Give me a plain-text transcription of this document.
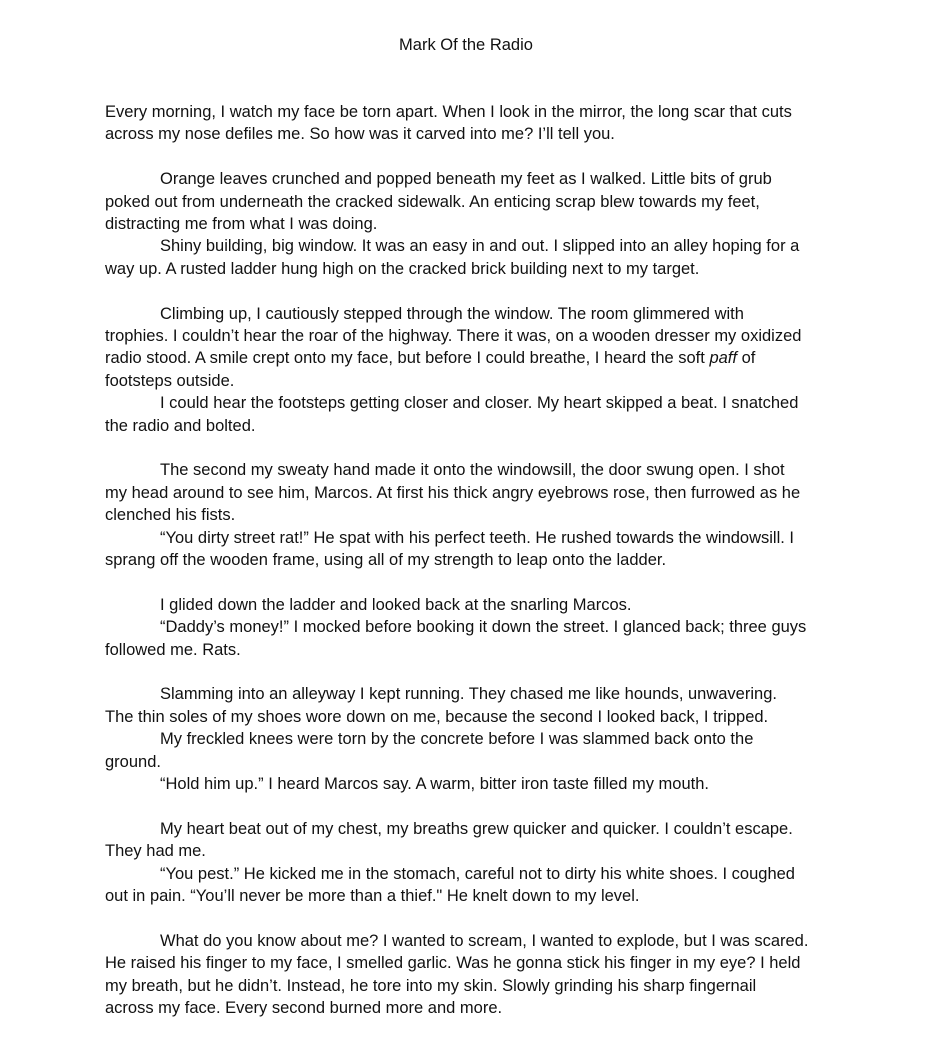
Mark Of the Radio

Every morning, I watch my face be torn apart. When I look in the mirror, the long scar that cuts

across my nose defiles me. So how was it carved into me? I’ll tell you.

Orange leaves crunched and popped beneath my feet as I walked. Little bits of grub

poked out from underneath the cracked sidewalk. An enticing scrap blew towards my feet,

distracting me from what I was doing.

Shiny building, big window. It was an easy in and out. I slipped into an alley hoping for a

way up. A rusted ladder hung high on the cracked brick building next to my target.

Climbing up, I cautiously stepped through the window. The room glimmered with

trophies. I couldn’t hear the roar of the highway. There it was, on a wooden dresser my oxidized

radio stood. A smile crept onto my face, but before I could breathe, I heard the soft paff of

footsteps outside.

I could hear the footsteps getting closer and closer. My heart skipped a beat. I snatched

the radio and bolted.

The second my sweaty hand made it onto the windowsill, the door swung open. I shot

my head around to see him, Marcos. At first his thick angry eyebrows rose, then furrowed as he

clenched his fists.

“You dirty street rat!” He spat with his perfect teeth. He rushed towards the windowsill. I

sprang off the wooden frame, using all of my strength to leap onto the ladder.

I glided down the ladder and looked back at the snarling Marcos.

“Daddy’s money!” I mocked before booking it down the street. I glanced back; three guys

followed me. Rats.

Slamming into an alleyway I kept running. They chased me like hounds, unwavering.

The thin soles of my shoes wore down on me, because the second I looked back, I tripped.

My freckled knees were torn by the concrete before I was slammed back onto the

ground.

“Hold him up.” I heard Marcos say. A warm, bitter iron taste filled my mouth.

My heart beat out of my chest, my breaths grew quicker and quicker. I couldn’t escape.

They had me.

“You pest.” He kicked me in the stomach, careful not to dirty his white shoes. I coughed

out in pain. “You’ll never be more than a thief." He knelt down to my level.

What do you know about me? I wanted to scream, I wanted to explode, but I was scared.

He raised his finger to my face, I smelled garlic. Was he gonna stick his finger in my eye? I held

my breath, but he didn’t. Instead, he tore into my skin. Slowly grinding his sharp fingernail

across my face. Every second burned more and more.
